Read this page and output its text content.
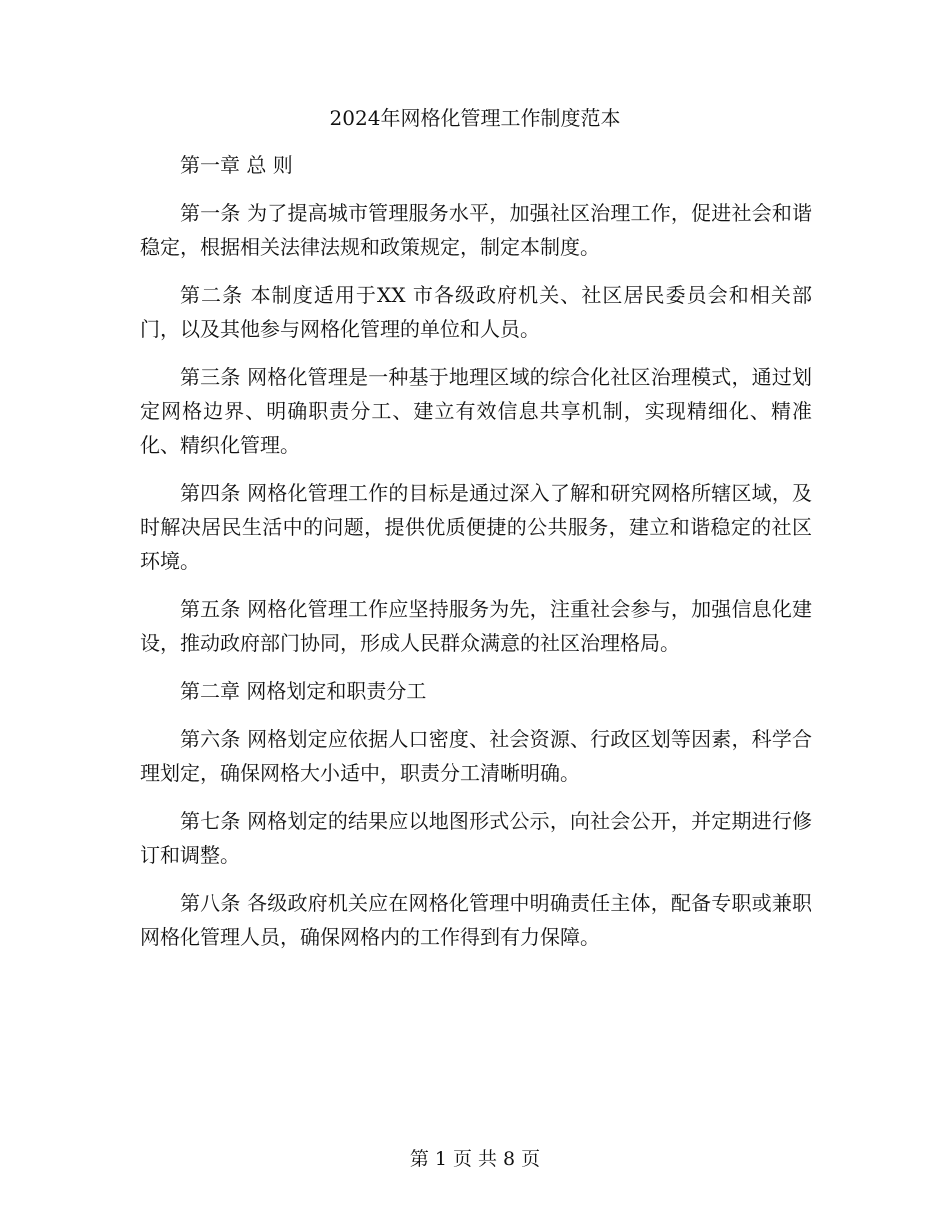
2024年网格化管理工作制度范本

第一章 总 则

第一条 为了提高城市管理服务水平，加强社区治理工作，促进社会和谐稳定，根据相关法律法规和政策规定，制定本制度。

第二条 本制度适用于XX 市各级政府机关、社区居民委员会和相关部门，以及其他参与网格化管理的单位和人员。

第三条 网格化管理是一种基于地理区域的综合化社区治理模式，通过划定网格边界、明确职责分工、建立有效信息共享机制，实现精细化、精准化、精织化管理。

第四条 网格化管理工作的目标是通过深入了解和研究网格所辖区域，及时解决居民生活中的问题，提供优质便捷的公共服务，建立和谐稳定的社区环境。

第五条 网格化管理工作应坚持服务为先，注重社会参与，加强信息化建设，推动政府部门协同，形成人民群众满意的社区治理格局。

第二章 网格划定和职责分工

第六条 网格划定应依据人口密度、社会资源、行政区划等因素，科学合理划定，确保网格大小适中，职责分工清晰明确。

第七条 网格划定的结果应以地图形式公示，向社会公开，并定期进行修订和调整。

第八条 各级政府机关应在网格化管理中明确责任主体，配备专职或兼职网格化管理人员，确保网格内的工作得到有力保障。

第 1 页 共 8 页
